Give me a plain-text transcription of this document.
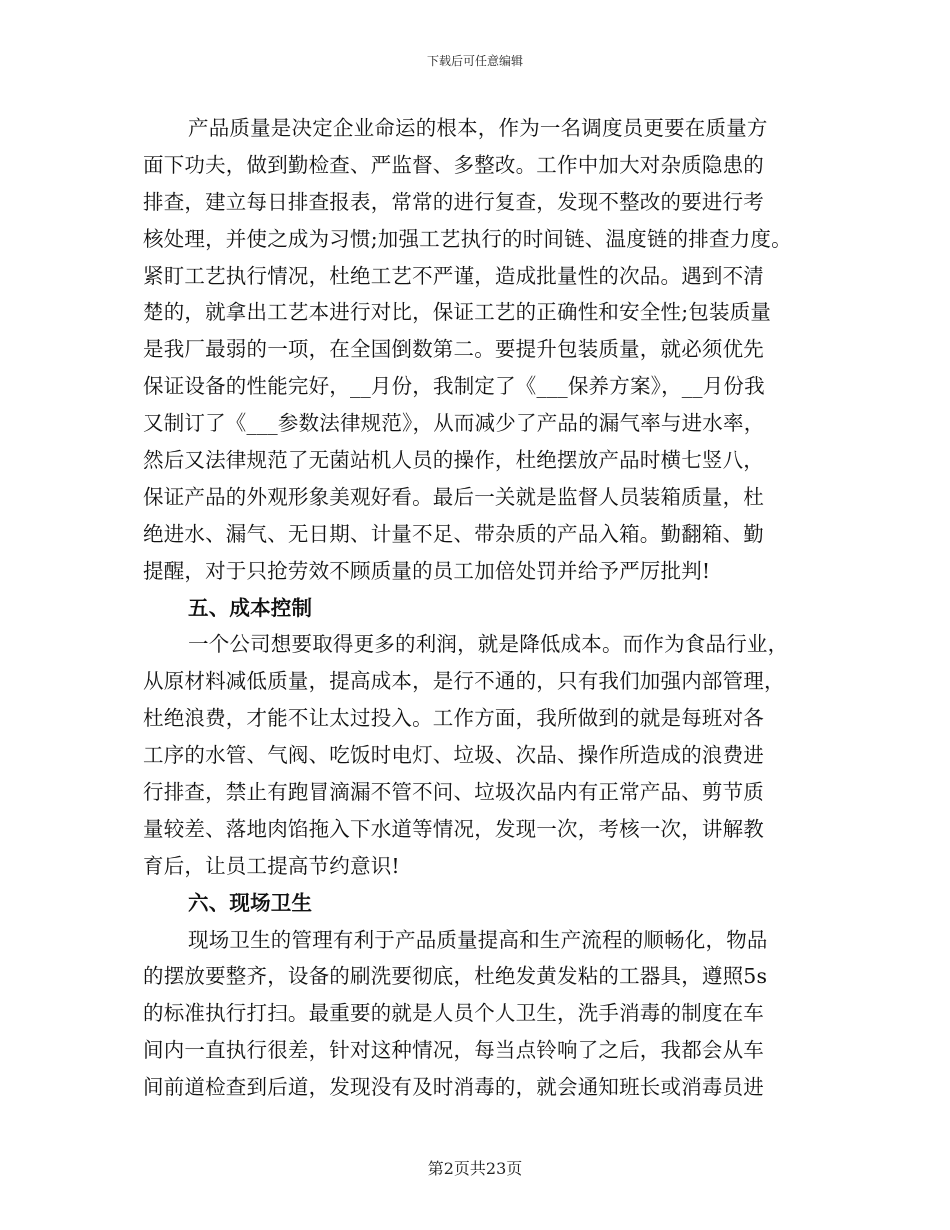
下载后可任意编辑
产品质量是决定企业命运的根本，作为一名调度员更要在质量方
面下功夫，做到勤检查、严监督、多整改。工作中加大对杂质隐患的
排查，建立每日排查报表，常常的进行复查，发现不整改的要进行考
核处理，并使之成为习惯;加强工艺执行的时间链、温度链的排查力度。
紧盯工艺执行情况，杜绝工艺不严谨，造成批量性的次品。遇到不清
楚的，就拿出工艺本进行对比，保证工艺的正确性和安全性;包装质量
是我厂最弱的一项，在全国倒数第二。要提升包装质量，就必须优先
保证设备的性能完好，__月份，我制定了《___保养方案》，__月份我
又制订了《___参数法律规范》，从而减少了产品的漏气率与进水率，
然后又法律规范了无菌站机人员的操作，杜绝摆放产品时横七竖八，
保证产品的外观形象美观好看。最后一关就是监督人员装箱质量，杜
绝进水、漏气、无日期、计量不足、带杂质的产品入箱。勤翻箱、勤
提醒，对于只抢劳效不顾质量的员工加倍处罚并给予严厉批判!
五、成本控制
一个公司想要取得更多的利润，就是降低成本。而作为食品行业，
从原材料减低质量，提高成本，是行不通的，只有我们加强内部管理，
杜绝浪费，才能不让太过投入。工作方面，我所做到的就是每班对各
工序的水管、气阀、吃饭时电灯、垃圾、次品、操作所造成的浪费进
行排查，禁止有跑冒滴漏不管不问、垃圾次品内有正常产品、剪节质
量较差、落地肉馅拖入下水道等情况，发现一次，考核一次，讲解教
育后，让员工提高节约意识!
六、现场卫生
现场卫生的管理有利于产品质量提高和生产流程的顺畅化，物品
的摆放要整齐，设备的刷洗要彻底，杜绝发黄发粘的工器具，遵照5s
的标准执行打扫。最重要的就是人员个人卫生，洗手消毒的制度在车
间内一直执行很差，针对这种情况，每当点铃响了之后，我都会从车
间前道检查到后道，发现没有及时消毒的，就会通知班长或消毒员进
第2页共23页
